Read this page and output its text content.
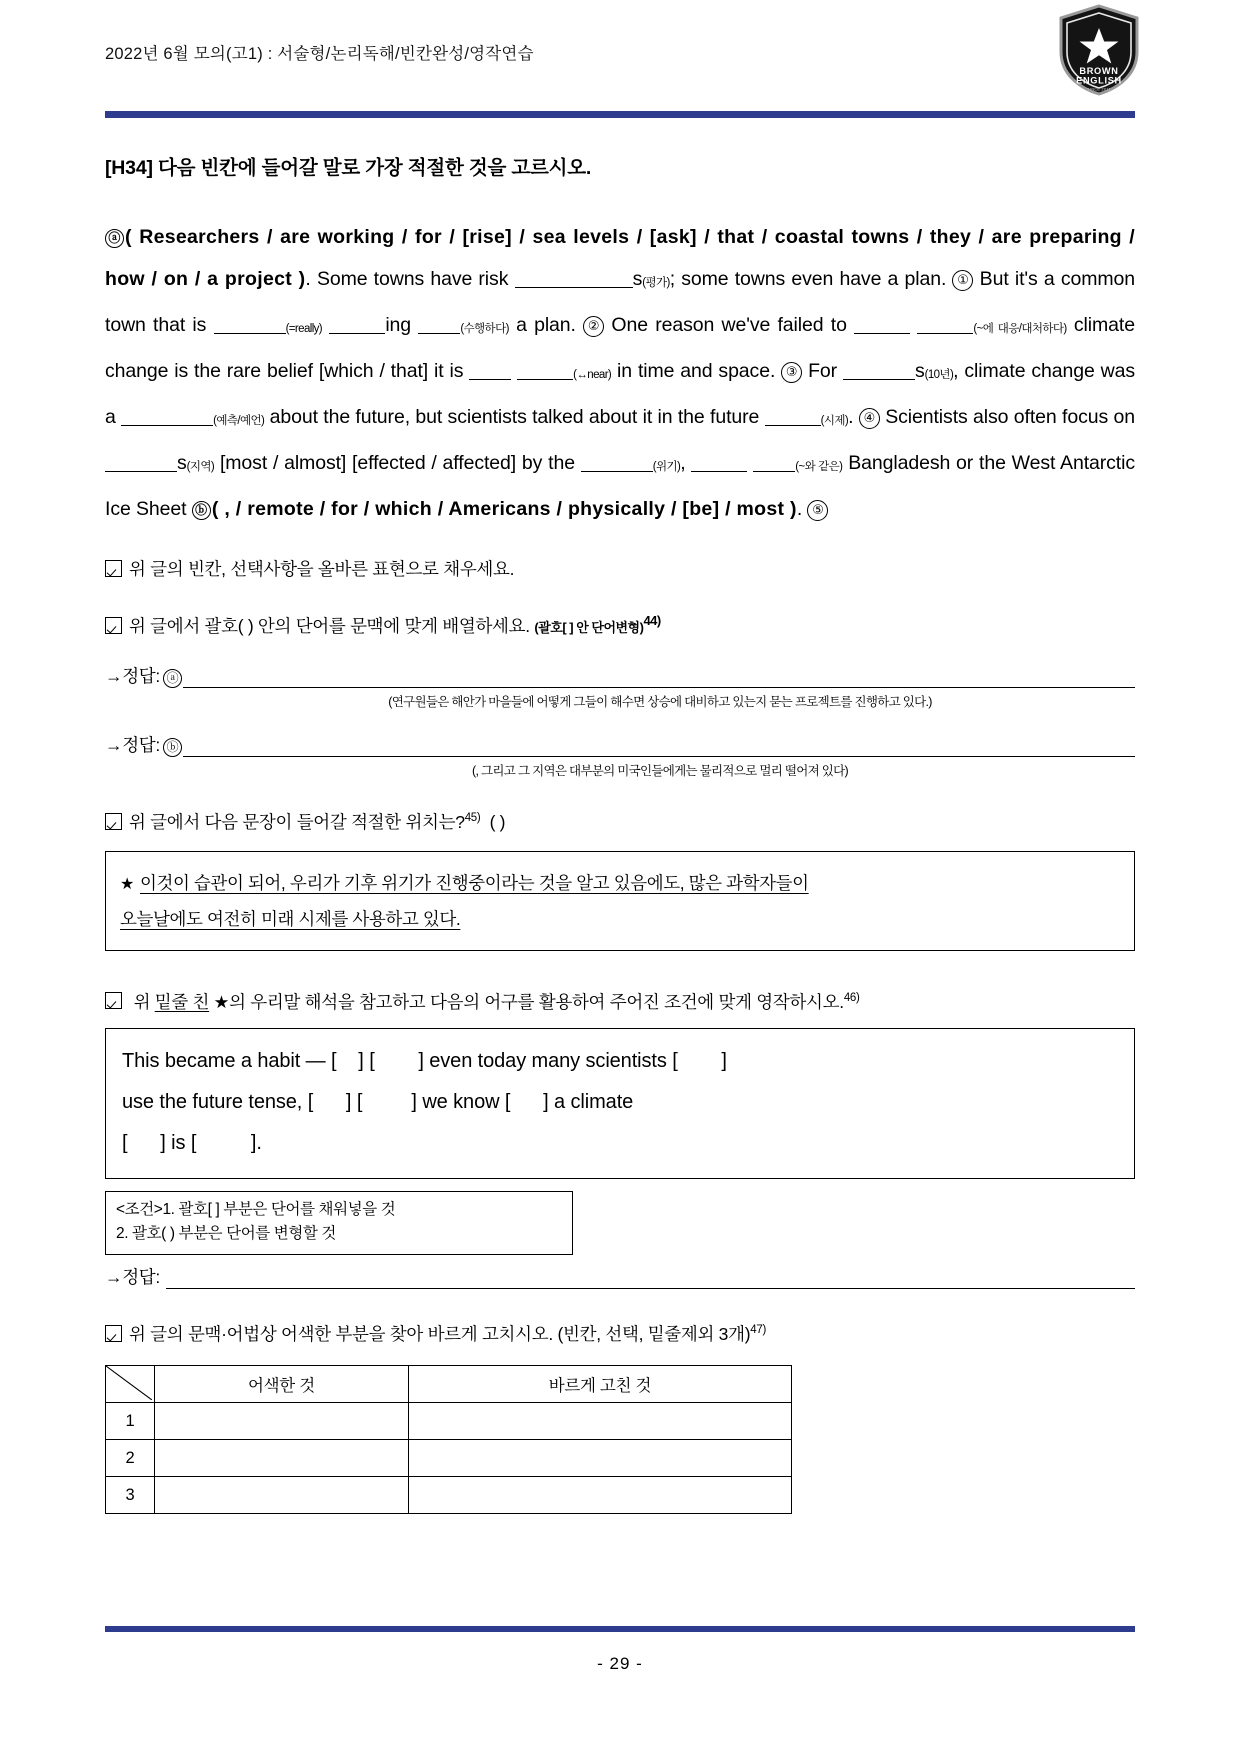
2022년 6월 모의(고1) : 서술형/논리독해/빈칸완성/영작연습
BROWN
ENGLISH
SINCE 2011
[H34] 다음 빈칸에 들어갈 말로 가장 적절한 것을 고르시오.
ⓐ ( Researchers / are working / for / [rise] / sea levels / [ask] / that / coastal towns / they / are preparing / how / on / a project ). Some towns have risk	s(평가); some towns even have a plan. ① But it's a common town that is	(=really)	ing	(수행하다) a plan. ② One reason we've failed to	(~에 대응/대처하다) climate change is the rare belief [which / that] it is	(↔near) in time and space. ③ For	s(10년), climate change was a	(예측/예언) about the future, but scientists talked about it in the future	(시제). ④ Scientists also often focus on s(지역) [most / almost] [effected / affected] by the	(위기),	(~와 같은) Bangladesh or the West Antarctic Ice Sheet ⓑ ( , / remote / for / which / Americans / physically / [be] / most ). ⑤
위 글의 빈칸, 선택사항을 올바른 표현으로 채우세요.
위 글에서 괄호( ) 안의 단어를 문맥에 맞게 배열하세요. (괄호[ ] 안 단어변형)$^{44)}$
→정답: ⓐ
(연구원들은 해안가 마을들에 어떻게 그들이 해수면 상승에 대비하고 있는지 묻는 프로젝트를 진행하고 있다.)
→정답: ⓑ
(, 그리고 그 지역은 대부분의 미국인들에게는 물리적으로 멀리 떨어져 있다)
위 글에서 다음 문장이 들어갈 적절한 위치는?$^{45)}$ ( )
★ 이것이 습관이 되어, 우리가 기후 위기가 진행중이라는 것을 알고 있음에도, 많은 과학자들이
오늘날에도 여전히 미래 시제를 사용하고 있다.
위 밑줄 친 ★의 우리말 해석을 참고하고 다음의 어구를 활용하여 주어진 조건에 맞게 영작하시오.$^{46)}$
This became a habit — [ ] [ ] even today many scientists [ ]
use the future tense, [ ] [ ] we know [ ] a climate
[ ] is [	].
<조건>1. 괄호[ ] 부분은 단어를 채워넣을 것
2. 괄호( ) 부분은 단어를 변형할 것
→정답:
위 글의 문맥·어법상 어색한 부분을 찾아 바르게 고치시오. (빈칸, 선택, 밑줄제외 3개)$^{47)}$
	어색한 것	바르게 고친 것
1		
2		
3		
- 29 -
